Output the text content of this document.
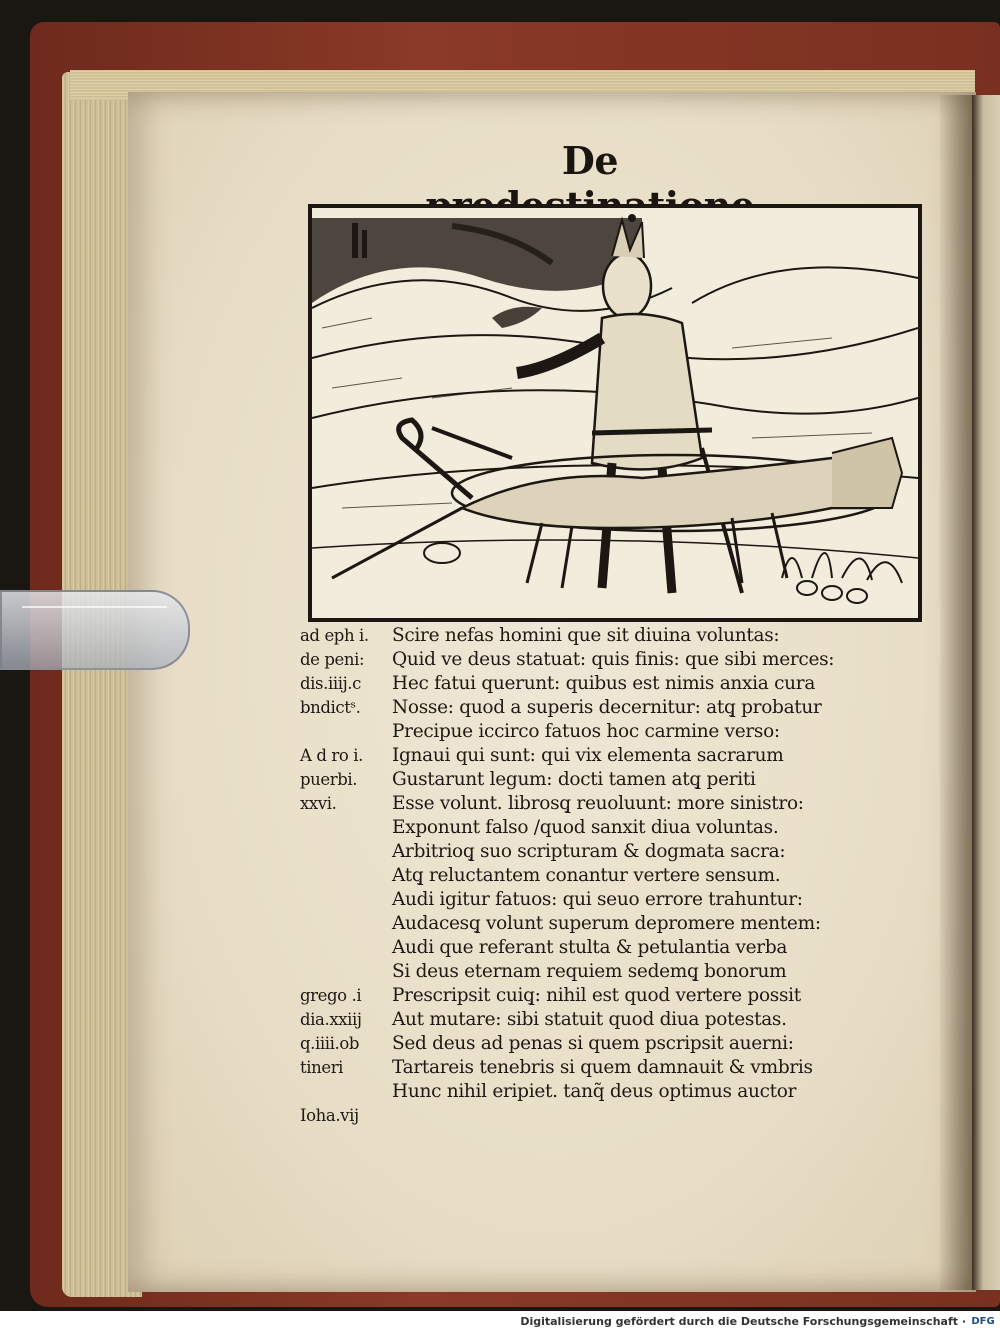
De
ad eph i.
de peni:
dis.iiij.c
bndictˢ.
A d ro i.
puerbi.
xxvi.
grego .i
dia.xxiij
q.iiii.ob
tineri
Ioha.vij
Scire nefas homini que sit diuina voluntas:
Quid ve deus statuat: quis finis: que sibi merces:
Hec fatui querunt: quibus est nimis anxia cura
Nosse: quod a superis decernitur: atq̧ probatur
Precipue iccirco fatuos hoc carmine verso:
Ignaui qui sunt: qui vix elementa sacrarum
Gustarunt legum: docti tamen atq̧ periti
Esse volunt. librosq̧ reuoluunt: more sinistro:
Exponunt falso /quod sanxit diua voluntas.
Arbitrioq̧ suo scripturam & dogmata sacra:
Atq̧ reluctantem conantur vertere sensum.
Audi igitur fatuos: qui seuo errore trahuntur:
Audacesq̧ volunt superum depromere mentem:
Audi que referant stulta & petulantia verba
Si deus eternam requiem sedemq̧ bonorum
Prescripsit cuiq̧: nihil est quod vertere possit
Aut mutare: sibi statuit quod diua potestas.
Sed deus ad penas si quem pscripsit auerni:
Tartareis tenebris si quem damnauit & vmbris
Hunc nihil eripiet. tanq̃ deus optimus auctor
Digitalisierung gefördert durch die Deutsche Forschungsgemeinschaft · DFG
